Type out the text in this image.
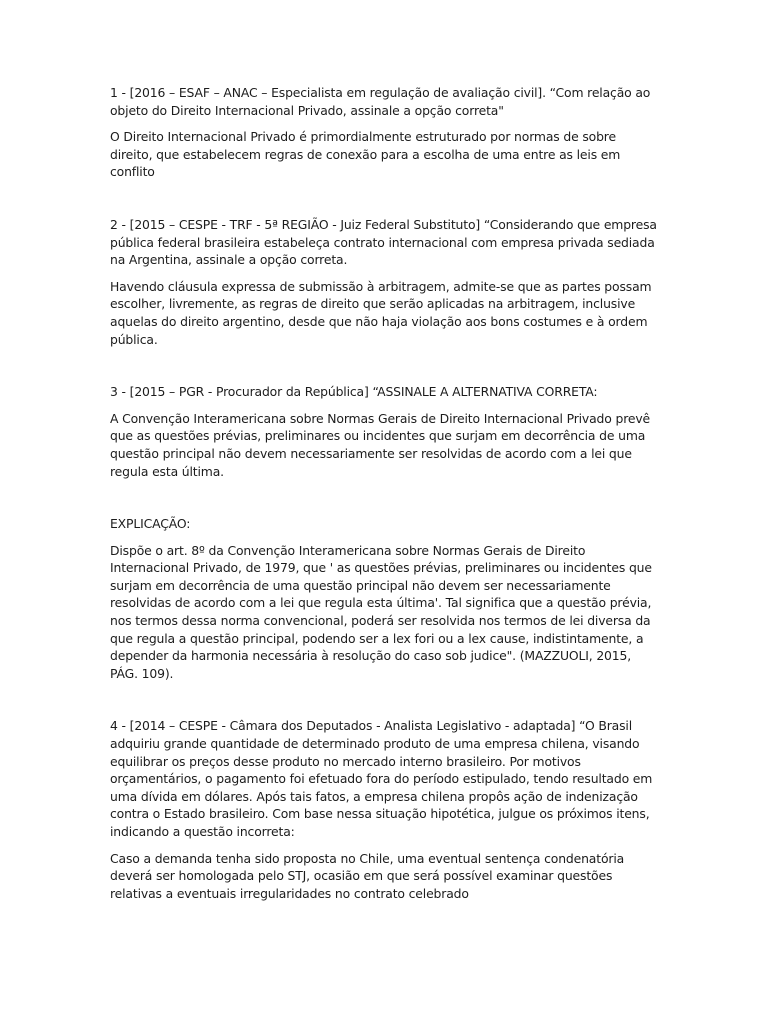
1 - [2016 – ESAF – ANAC – Especialista em regulação de avaliação civil]. “Com relação ao objeto do Direito Internacional Privado, assinale a opção correta"

O Direito Internacional Privado é primordialmente estruturado por normas de sobre direito, que estabelecem regras de conexão para a escolha de uma entre as leis em conflito

2 - [2015 – CESPE - TRF - 5ª REGIÃO - Juiz Federal Substituto] “Considerando que empresa pública federal brasileira estabeleça contrato internacional com empresa privada sediada na Argentina, assinale a opção correta.

Havendo cláusula expressa de submissão à arbitragem, admite-se que as partes possam escolher, livremente, as regras de direito que serão aplicadas na arbitragem, inclusive aquelas do direito argentino, desde que não haja violação aos bons costumes e à ordem pública.

3 - [2015 – PGR - Procurador da República] “ASSINALE A ALTERNATIVA CORRETA:

A Convenção Interamericana sobre Normas Gerais de Direito Internacional Privado prevê que as questões prévias, preliminares ou incidentes que surjam em decorrência de uma questão principal não devem necessariamente ser resolvidas de acordo com a lei que regula esta última.

EXPLICAÇÃO:

Dispõe o art. 8º da Convenção Interamericana sobre Normas Gerais de Direito Internacional Privado, de 1979, que ' as questões prévias, preliminares ou incidentes que surjam em decorrência de uma questão principal não devem ser necessariamente resolvidas de acordo com a lei que regula esta última'. Tal significa que a questão prévia, nos termos dessa norma convencional, poderá ser resolvida nos termos de lei diversa da que regula a questão principal, podendo ser a lex fori ou a lex cause, indistintamente, a depender da harmonia necessária à resolução do caso sob judice". (MAZZUOLI, 2015, PÁG. 109).

4 - [2014 – CESPE - Câmara dos Deputados - Analista Legislativo - adaptada] “O Brasil adquiriu grande quantidade de determinado produto de uma empresa chilena, visando equilibrar os preços desse produto no mercado interno brasileiro. Por motivos orçamentários, o pagamento foi efetuado fora do período estipulado, tendo resultado em uma dívida em dólares. Após tais fatos, a empresa chilena propôs ação de indenização contra o Estado brasileiro. Com base nessa situação hipotética, julgue os próximos itens, indicando a questão incorreta:

Caso a demanda tenha sido proposta no Chile, uma eventual sentença condenatória deverá ser homologada pelo STJ, ocasião em que será possível examinar questões relativas a eventuais irregularidades no contrato celebrado
